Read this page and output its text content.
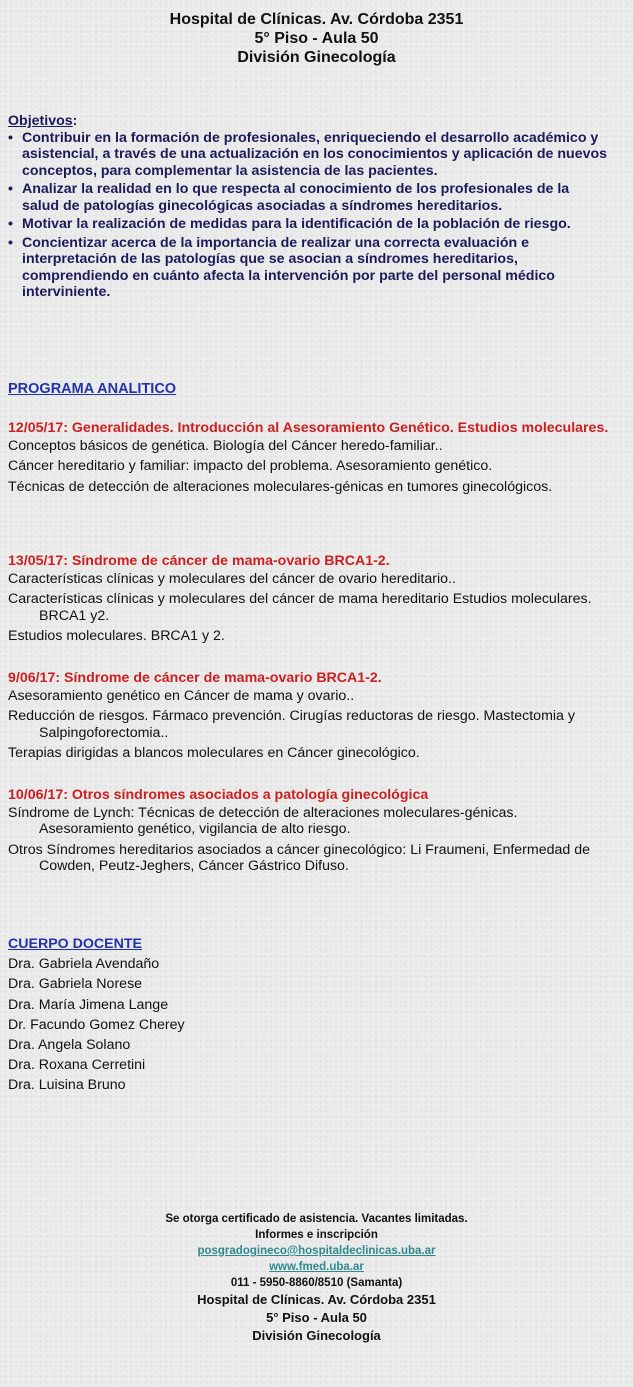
Hospital de Clínicas. Av. Córdoba 2351
5° Piso - Aula 50
División Ginecología
Objetivos:
• Contribuir en la formación de profesionales, enriqueciendo el desarrollo académico y asistencial, a través de una actualización en los conocimientos y aplicación de nuevos conceptos, para complementar la asistencia de las pacientes.
• Analizar la realidad en lo que respecta al conocimiento de los profesionales de la salud de patologías ginecológicas asociadas a síndromes hereditarios.
• Motivar la realización de medidas para la identificación de la población de riesgo.
• Concientizar acerca de la importancia de realizar una correcta evaluación e interpretación de las patologías que se asocian a síndromes hereditarios, comprendiendo en cuánto afecta la intervención por parte del personal médico interviniente.
PROGRAMA ANALITICO
12/05/17: Generalidades. Introducción al Asesoramiento Genético. Estudios moleculares.
Conceptos básicos de genética. Biología del Cáncer heredo-familiar..
Cáncer hereditario y familiar: impacto del problema. Asesoramiento genético.
Técnicas de detección de alteraciones moleculares-génicas en tumores ginecológicos.
13/05/17: Síndrome de cáncer de mama-ovario BRCA1-2.
Características clínicas y moleculares del cáncer de ovario hereditario..
Características clínicas y moleculares del cáncer de mama hereditario Estudios moleculares. BRCA1 y2.
Estudios moleculares. BRCA1 y 2.
9/06/17: Síndrome de cáncer de mama-ovario BRCA1-2.
Asesoramiento genético en Cáncer de mama y ovario..
Reducción de riesgos. Fármaco prevención. Cirugías reductoras de riesgo. Mastectomia y Salpingoforectomia..
Terapias dirigidas a blancos moleculares en Cáncer ginecológico.
10/06/17: Otros síndromes asociados a patología ginecológica
Síndrome de Lynch: Técnicas de detección de alteraciones moleculares-génicas. Asesoramiento genético, vigilancia de alto riesgo.
Otros Síndromes hereditarios asociados a cáncer ginecológico: Li Fraumeni, Enfermedad de Cowden, Peutz-Jeghers, Cáncer Gástrico Difuso.
CUERPO DOCENTE
Dra. Gabriela Avendaño
Dra. Gabriela Norese
Dra. María Jimena Lange
Dr. Facundo Gomez Cherey
Dra. Angela Solano
Dra. Roxana Cerretini
Dra. Luisina Bruno
Se otorga certificado de asistencia. Vacantes limitadas.
Informes e inscripción
posgradogineco@hospitaldeclinicas.uba.ar
www.fmed.uba.ar
011 - 5950-8860/8510 (Samanta)
Hospital de Clínicas. Av. Córdoba 2351
5° Piso - Aula 50
División Ginecología
